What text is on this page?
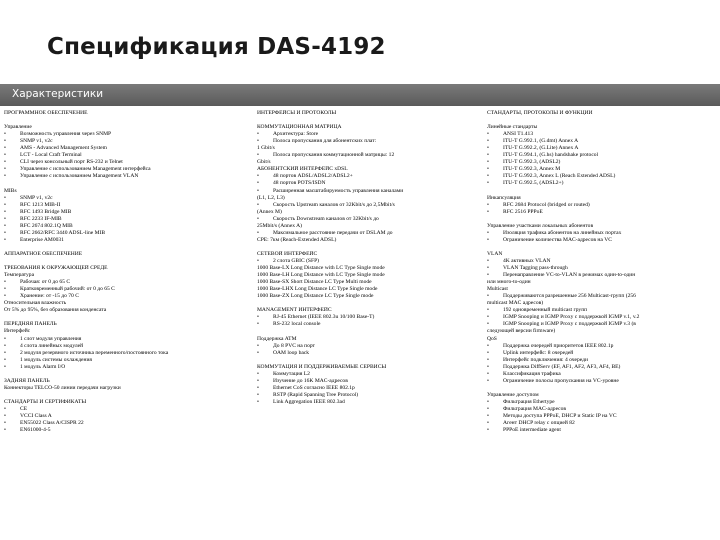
Спецификация DAS-4192
Характеристики
ПРОГРАММНОЕ ОБЕСПЕЧЕНИЕ
Управление
• Возможность управления через SNMP
• SNMP v1, v2c
• AMS - Advanced Management System
• LCT - Local Craft Terminal
• CLI через консольный порт RS-232 и Telnet
• Управление с использованием Management интерфейса
• Управление с использованием Management VLAN
MIBs
• SNMP v1, v2c
• RFC 1213 MIB-II
• RFC 1493 Bridge MIB
• RFC 2233 IF-MIB
• RFC 2674 802.1Q MIB
• RFC 2662/RFC 3440 ADSL-line MIB
• Enterprise AM0031
АППАРАТНОЕ ОБЕСПЕЧЕНИЕ
ТРЕБОВАНИЯ К ОКРУЖАЮЩЕЙ СРЕДЕ
Температура
• Рабочая: от 0 до 65 С
• Кратковременный рабочий: от 0 до 65 С
• Хранение: от -15 до 70 С
Относительная влажность
От 5% до 95%, без образования конденсата
ПЕРЕДНЯЯ ПАНЕЛЬ
Интерфейс
• 1 слот модуля управления
• 4 слота линейных модулей
• 2 модуля резервного источника переменного/постоянного тока
• 1 модуль системы охлаждения
• 1 модуль Alarm I/O
ЗАДНЯЯ ПАНЕЛЬ
Коннекторы TELCO-50 линии передачи нагрузки
СТАНДАРТЫ И СЕРТИФИКАТЫ
• CE
• VCCI Class A
• EN55022 Class A/CISPR 22
• EN61000-4-5
ИНТЕРФЕЙСЫ И ПРОТОКОЛЫ
КОММУТАЦИОННАЯ МАТРИЦА
• Архитектура: Store
• Полоса пропускания для абонентских плат:
1 Gbit/s
• Полоса пропускания коммутационной матрицы: 12
Gbit/s
АБОНЕНТСКИЙ ИНТЕРФЕЙС xDSL
• 48 портов ADSL/ADSL2/ADSL2+
• 48 портов POTS/ISDN
• Расширенная масштабируемость управления каналами
(L1, L2, L3)
• Скорость Upstream каналов от 32Kbit/s до 2,5Mbit/s
(Annex M)
• Скорость Downstream каналов от 32Kbit/s до
25Mbit/s (Annex A)
• Максимальное расстояние передачи от DSLAM до
CPE: 7км (Reach-Extended ADSL)
СЕТЕВОЙ ИНТЕРФЕЙС
• 2 слота GBIC (SFP)
1000 Base-LX Long Distance with LC Type Single mode
1000 Base-LH Long Distance with LC Type Single mode
1000 Base-SX Short Distance LC Type Multi mode
1000 Base-LHX Long Distance LC Type Single mode
1000 Base-ZX Long Distance LC Type Single mode
MANAGEMENT ИНТЕРФЕЙС
• RJ-45 Ethernet (IEEE 802.3u 10/100 Base-T)
• RS-232 local console
Поддержка ATM
• До 8 PVC на порт
• OAM loop back
КОММУТАЦИЯ И ПОДДЕРЖИВАЕМЫЕ СЕРВИСЫ
• Коммутация L2
• Изучение до 16K MAC-адресов
• Ethernet CoS согласно IEEE 802.1p
• RSTP (Rapid Spanning Tree Protocol)
• Link Aggregation IEEE 802.3ad
СТАНДАРТЫ, ПРОТОКОЛЫ И ФУНКЦИИ
Линейные стандарты
• ANSI T1.413
• ITU-T G.992.1, (G.dmt) Annex A
• ITU-T G.992.2, (G.Lite) Annex A
• ITU-T G.994.1, (G.hs) handshake protocol
• ITU-T G.992.3, (ADSL2)
• ITU-T G.992.3, Annex M
• ITU-T G.992.3, Annex L (Reach Extended ADSL)
• ITU-T G.992.5, (ADSL2+)
Инкапсуляция
• RFC 2684 Protocol (bridged or routed)
• RFC 2516 PPPoE
Управление участками локальных абонентов
• Изоляция трафика абонентов на линейных портах
• Ограничение количества MAC-адресов на VC
VLAN
• 4K активных VLAN
• VLAN Tagging pass-through
• Перенаправление VC-to-VLAN в режимах один-to-один
или много-to-один
Multicast
• Поддерживаются разрешенные 256 Multicast-групп (256
multicast MAC адресов)
• 192 одновременный multicast групп
• IGMP Snooping и IGMP Proxy с поддержкой IGMP v.1, v.2
• IGMP Snooping и IGMP Proxy с поддержкой IGMP v.3 (в
следующей версии firmware)
QoS
• Поддержка очередей приоритетов IEEE 802.1p
• Uplink интерфейс: 8 очередей
• Интерфейс подключения: 4 очереди
• Поддержка DiffServ (EF, AF1, AF2, AF3, AF4, BE)
• Классификация трафика
• Ограничение полосы пропускания на VC-уровне
Управление доступом
• Фильтрация Ethertype
• Фильтрация MAC-адресов
• Методы доступа PPPoE, DHCP и Static IP на VC
• Агент DHCP relay с опцией 82
• PPPoE intermediate agent
